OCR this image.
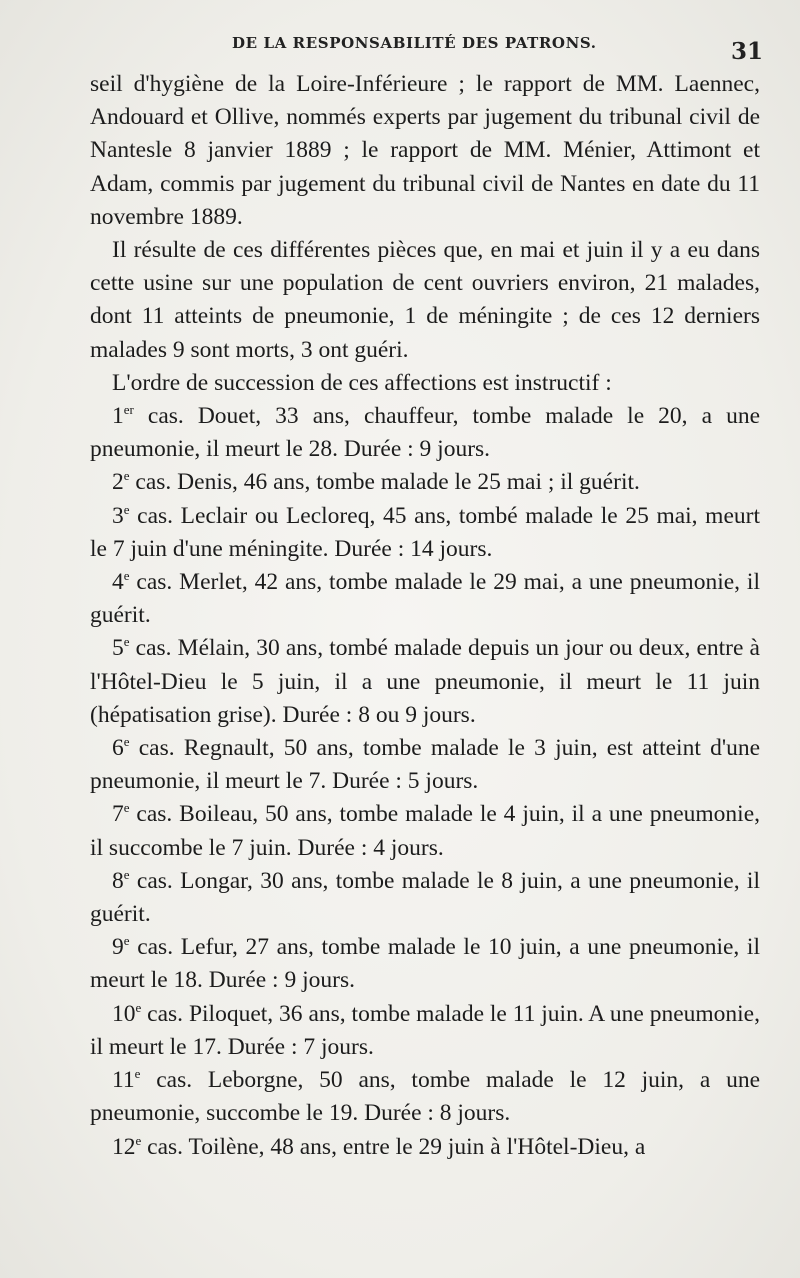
DE LA RESPONSABILITÉ DES PATRONS.	31

seil d'hygiène de la Loire-Inférieure ; le rapport de MM. Laennec, Andouard et Ollive, nommés experts par jugement du tribunal civil de Nantesle 8 janvier 1889 ; le rapport de MM. Ménier, Attimont et Adam, commis par jugement du tribunal civil de Nantes en date du 11 novembre 1889.

Il résulte de ces différentes pièces que, en mai et juin il y a eu dans cette usine sur une population de cent ouvriers environ, 21 malades, dont 11 atteints de pneumonie, 1 de méningite ; de ces 12 derniers malades 9 sont morts, 3 ont guéri.

L'ordre de succession de ces affections est instructif :

1er cas. Douet, 33 ans, chauffeur, tombe malade le 20, a une pneumonie, il meurt le 28. Durée : 9 jours.

2e cas. Denis, 46 ans, tombe malade le 25 mai ; il guérit.

3e cas. Leclair ou Lecloreq, 45 ans, tombé malade le 25 mai, meurt le 7 juin d'une méningite. Durée : 14 jours.

4e cas. Merlet, 42 ans, tombe malade le 29 mai, a une pneumonie, il guérit.

5e cas. Mélain, 30 ans, tombé malade depuis un jour ou deux, entre à l'Hôtel-Dieu le 5 juin, il a une pneumonie, il meurt le 11 juin (hépatisation grise). Durée : 8 ou 9 jours.

6e cas. Regnault, 50 ans, tombe malade le 3 juin, est atteint d'une pneumonie, il meurt le 7. Durée : 5 jours.

7e cas. Boileau, 50 ans, tombe malade le 4 juin, il a une pneumonie, il succombe le 7 juin. Durée : 4 jours.

8e cas. Longar, 30 ans, tombe malade le 8 juin, a une pneumonie, il guérit.

9e cas. Lefur, 27 ans, tombe malade le 10 juin, a une pneumonie, il meurt le 18. Durée : 9 jours.

10e cas. Piloquet, 36 ans, tombe malade le 11 juin. A une pneumonie, il meurt le 17. Durée : 7 jours.

11e cas. Leborgne, 50 ans, tombe malade le 12 juin, a une pneumonie, succombe le 19. Durée : 8 jours.

12e cas. Toilène, 48 ans, entre le 29 juin à l'Hôtel-Dieu, a
